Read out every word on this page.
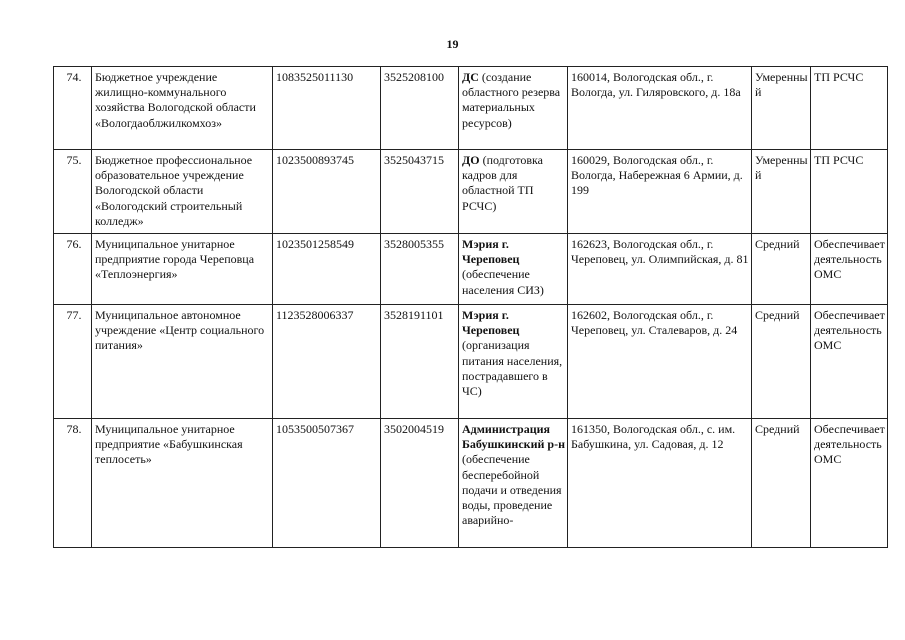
19
74.	Бюджетное учреждение жилищно-коммунального хозяйства Вологодской области «Вологдаоблжилкомхоз»	1083525011130	3525208100	ДС (создание областного резерва материальных ресурсов)	160014, Вологодская обл., г. Вологда, ул. Гиляровского, д. 18а	Умеренный	ТП РСЧС
75.	Бюджетное профессиональное образовательное учреждение Вологодской области «Вологодский строительный колледж»	1023500893745	3525043715	ДО (подготовка кадров для областной ТП РСЧС)	160029, Вологодская обл., г. Вологда, Набережная 6 Армии, д. 199	Умеренный	ТП РСЧС
76.	Муниципальное унитарное предприятие города Череповца «Теплоэнергия»	1023501258549	3528005355	Мэрия г. Череповец (обеспечение населения СИЗ)	162623, Вологодская обл., г. Череповец, ул. Олимпийская, д. 81	Средний	Обеспечивает деятельность ОМС
77.	Муниципальное автономное учреждение «Центр социального питания»	1123528006337	3528191101	Мэрия г. Череповец (организация питания населения, пострадавшего в ЧС)	162602, Вологодская обл., г. Череповец, ул. Сталеваров, д. 24	Средний	Обеспечивает деятельность ОМС
78.	Муниципальное унитарное предприятие «Бабушкинская теплосеть»	1053500507367	3502004519	Администрация Бабушкинский р-н (обеспечение бесперебойной подачи и отведения воды, проведение аварийно-	161350, Вологодская обл., с. им. Бабушкина, ул. Садовая, д. 12	Средний	Обеспечивает деятельность ОМС
